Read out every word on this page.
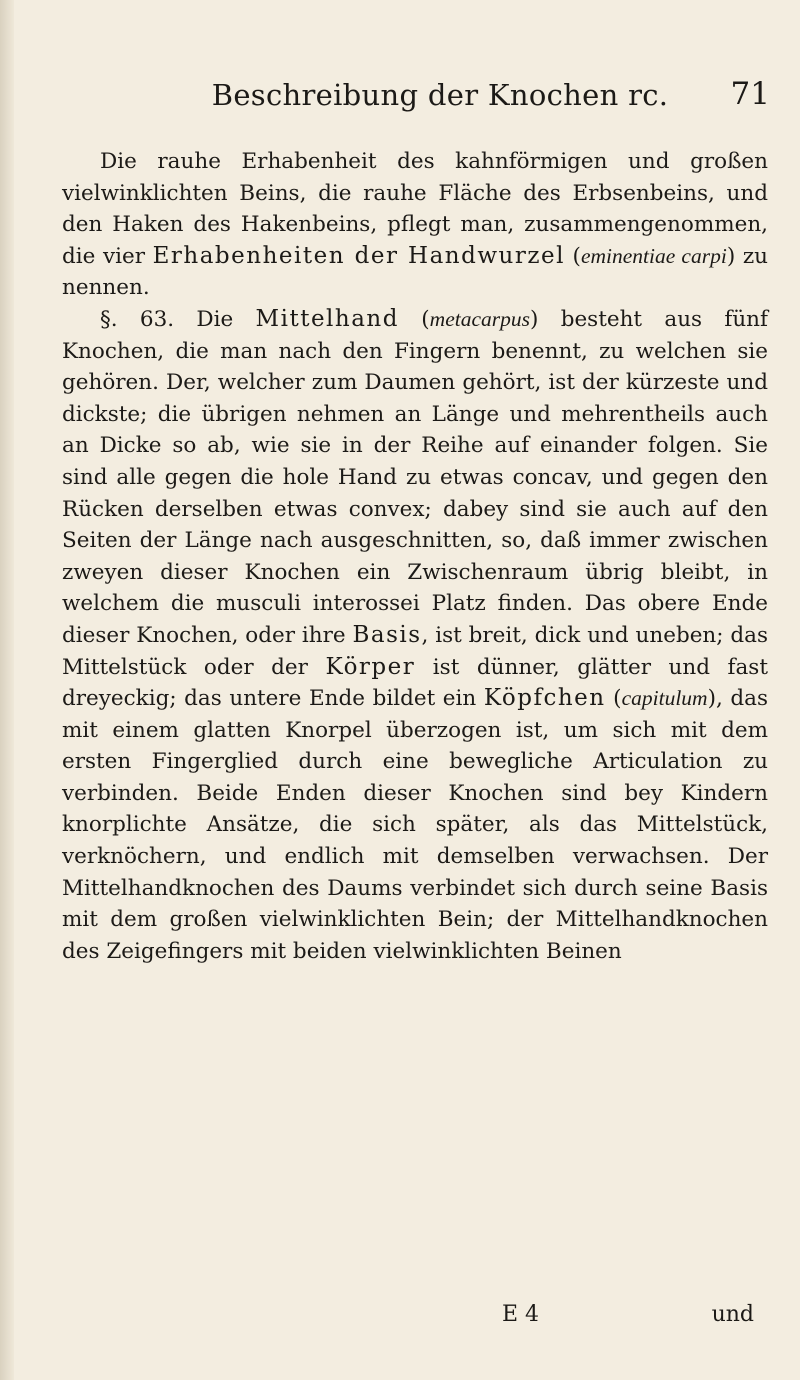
Beschreibung der Knochen rc.	71

Die rauhe Erhabenheit des kahnförmigen und großen vielwinklichten Beins, die rauhe Fläche des Erbsenbeins, und den Haken des Hakenbeins, pflegt man, zusammengenommen, die vier Erhabenheiten der Handwurzel (eminentiae carpi) zu nennen.

§. 63. Die Mittelhand (metacarpus) besteht aus fünf Knochen, die man nach den Fingern benennt, zu welchen sie gehören. Der, welcher zum Daumen gehört, ist der kürzeste und dickste; die übrigen nehmen an Länge und mehrentheils auch an Dicke so ab, wie sie in der Reihe auf einander folgen. Sie sind alle gegen die hole Hand zu etwas concav, und gegen den Rücken derselben etwas convex; dabey sind sie auch auf den Seiten der Länge nach ausgeschnitten, so, daß immer zwischen zweyen dieser Knochen ein Zwischenraum übrig bleibt, in welchem die musculi interossei Platz finden. Das obere Ende dieser Knochen, oder ihre Basis, ist breit, dick und uneben; das Mittelstück oder der Körper ist dünner, glätter und fast dreyeckig; das untere Ende bildet ein Köpfchen (capitulum), das mit einem glatten Knorpel überzogen ist, um sich mit dem ersten Fingerglied durch eine bewegliche Articulation zu verbinden. Beide Enden dieser Knochen sind bey Kindern knorplichte Ansätze, die sich später, als das Mittelstück, verknöchern, und endlich mit demselben verwachsen. Der Mittelhandknochen des Daums verbindet sich durch seine Basis mit dem großen vielwinklichten Bein; der Mittelhandknochen des Zeigefingers mit beiden vielwinklichten Beinen

E 4	und
